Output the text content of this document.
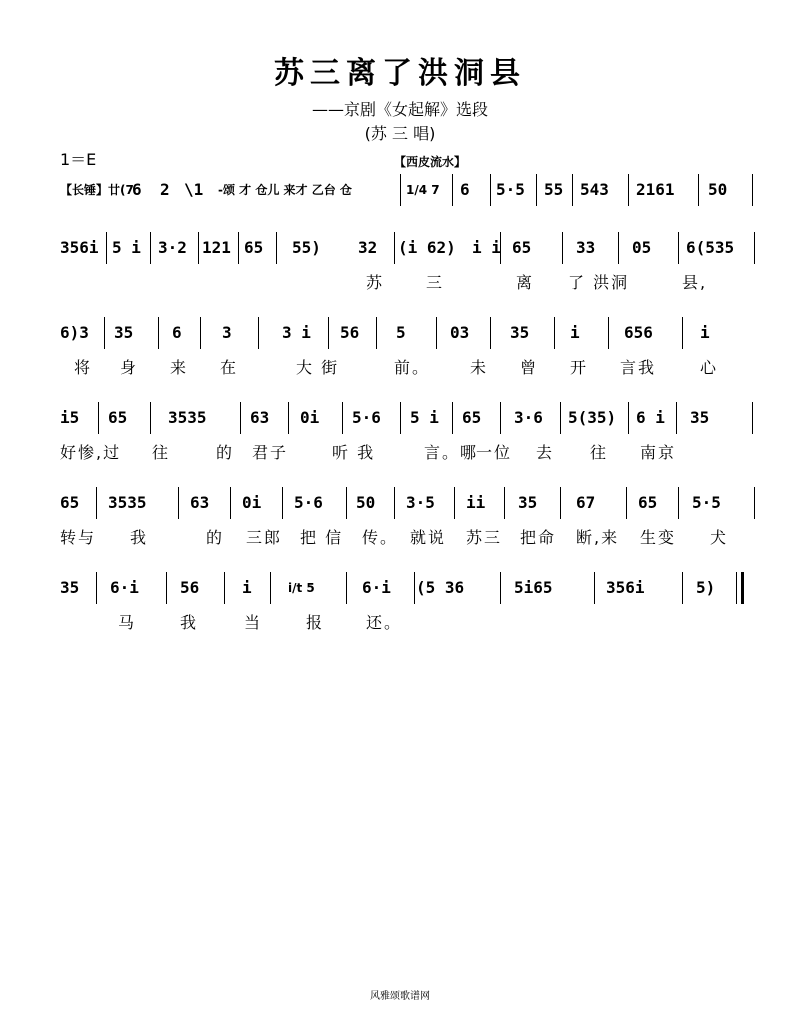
苏三离了洪洞县
——京剧《女起解》选段
(苏 三 唱)
1＝E	【西皮流水】
【长锤】廿(7
6 2 \1 -颂 才 仓儿 来才 乙台 仓	1/4 7 6 5·5 55 543 2161 50
356i 5 i 3·2 121 65 55) 32 (i 62) i i 65	33 05 6(535
苏	三	离 了 洪洞	县,
6)3 35 6	3	3 i 56 5	03	35	i	656	i
将 身 来 在	大 街	前。 未 曾 开 言我	心
i5 65	3535	63 0i 5·6 5 i 65 3·6 5(35) 6 i 35
好惨,过 往	的 君子	听 我	言。哪
一位 去 往 南京
65 3535	63 0i 5·6 50 3·5 ii 35 67	65 5·5
转与 我	的 三郎 把 信 传。 就说 苏三 把命 断,来 生变 犬
35 6·i	56	i	i/t 5	6·i (5 36	5i65	356i	5)
马	我	当	报	还。
风雅颂歌谱网
